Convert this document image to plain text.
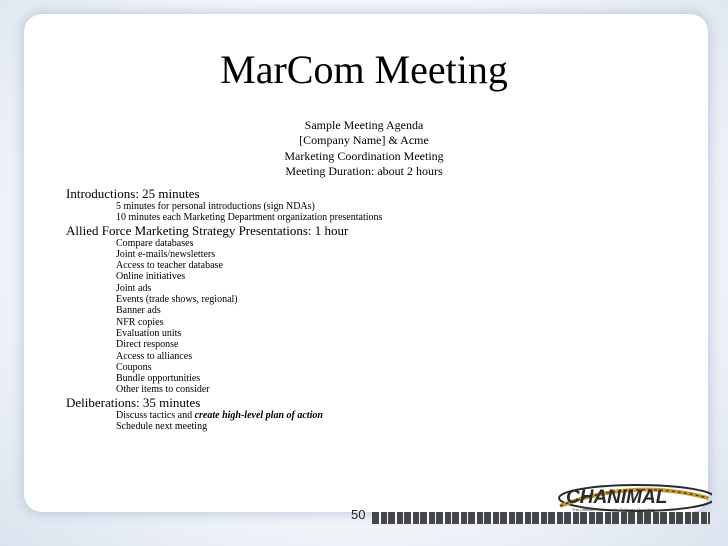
MarCom Meeting
Sample Meeting Agenda
[Company Name] & Acme
Marketing Coordination Meeting
Meeting Duration: about 2 hours
Introductions: 25 minutes
5 minutes for personal introductions (sign NDAs)
10 minutes each Marketing Department organization presentations
Allied Force Marketing Strategy Presentations: 1 hour
Compare databases
Joint e-mails/newsletters
Access to teacher database
Online initiatives
Joint ads
Events (trade shows, regional)
Banner ads
NFR copies
Evaluation units
Direct response
Access to alliances
Coupons
Bundle opportunities
Other items to consider
Deliberations: 35 minutes
Discuss tactics and create high-level plan of action
Schedule next meeting
50
CHANIMAL
The Ultimate Resource for Software Marketing
